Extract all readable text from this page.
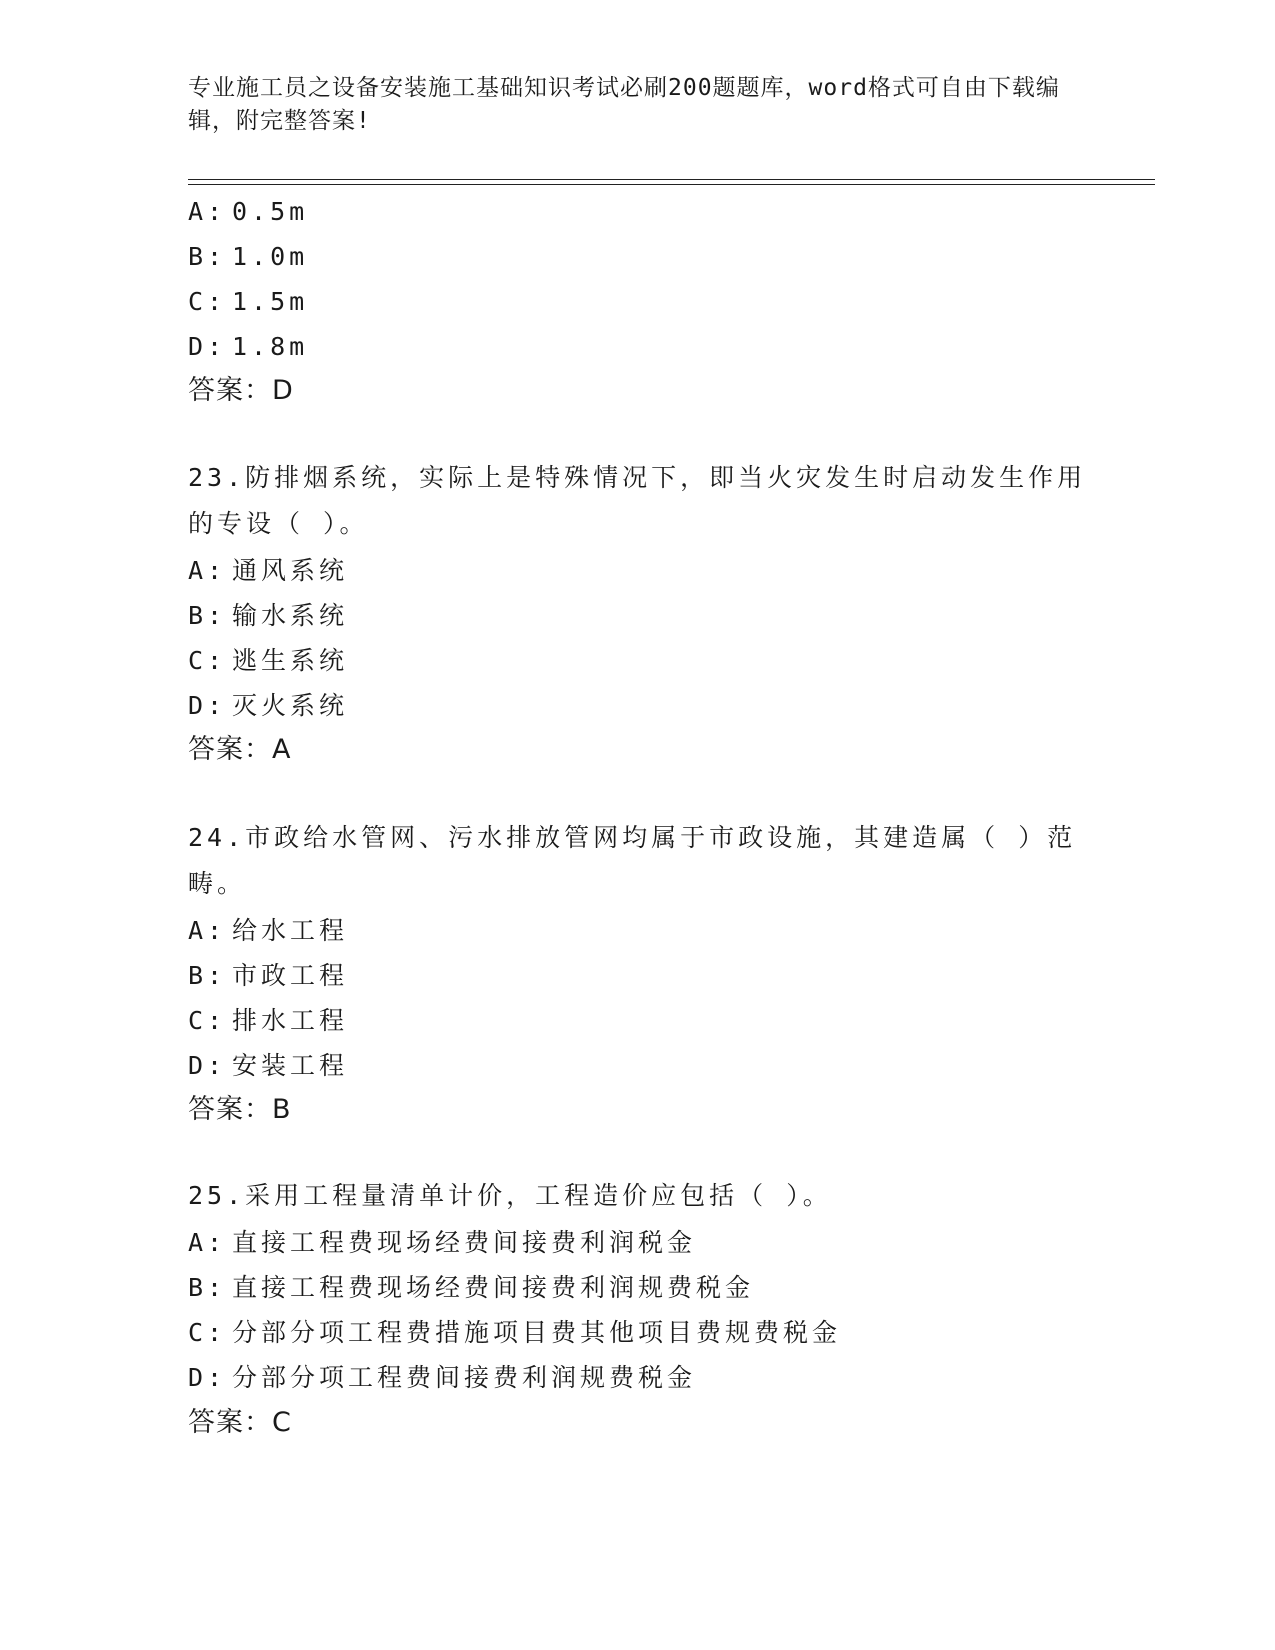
专业施工员之设备安装施工基础知识考试必刷200题题库，word格式可自由下载编辑，附完整答案!
A: 0.5m
B: 1.0m
C: 1.5m
D: 1.8m
答案：D
23.防排烟系统，实际上是特殊情况下，即当火灾发生时启动发生作用的专设（ ）。
A: 通风系统
B: 输水系统
C: 逃生系统
D: 灭火系统
答案：A
24.市政给水管网、污水排放管网均属于市政设施，其建造属（ ）范畴。
A: 给水工程
B: 市政工程
C: 排水工程
D: 安装工程
答案：B
25.采用工程量清单计价，工程造价应包括（ ）。
A: 直接工程费现场经费间接费利润税金
B: 直接工程费现场经费间接费利润规费税金
C: 分部分项工程费措施项目费其他项目费规费税金
D: 分部分项工程费间接费利润规费税金
答案：C
